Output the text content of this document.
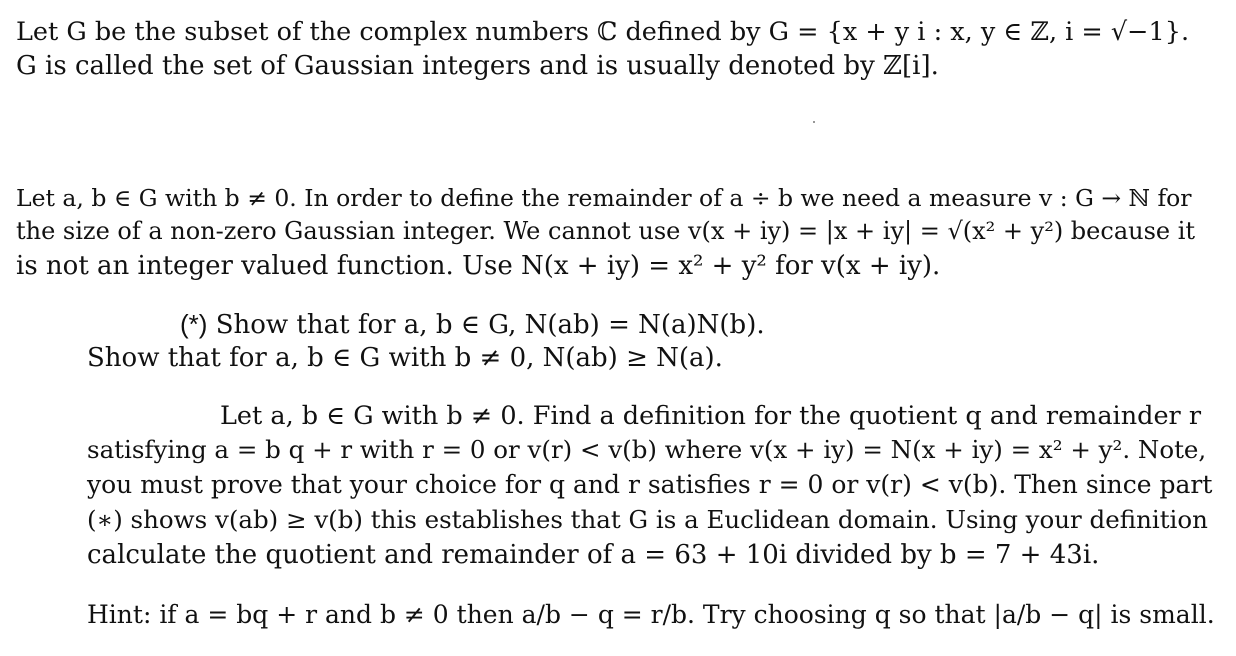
Let G be the subset of the complex numbers ℂ defined by G = {x + y i : x, y ∈ ℤ, i = √−1}.
G is called the set of Gaussian integers and is usually denoted by ℤ[i].
Let a, b ∈ G with b ≠ 0. In order to define the remainder of a ÷ b we need a measure v : G → ℕ for
the size of a non-zero Gaussian integer. We cannot use v(x + iy) = |x + iy| = √(x² + y²) because it
is not an integer valued function. Use N(x + iy) = x² + y² for v(x + iy).
(*) Show that for a, b ∈ G, N(ab) = N(a)N(b).
Show that for a, b ∈ G with b ≠ 0, N(ab) ≥ N(a).
Let a, b ∈ G with b ≠ 0. Find a definition for the quotient q and remainder r
satisfying a = b q + r with r = 0 or v(r) < v(b) where v(x + iy) = N(x + iy) = x² + y². Note,
you must prove that your choice for q and r satisfies r = 0 or v(r) < v(b). Then since part
(∗) shows v(ab) ≥ v(b) this establishes that G is a Euclidean domain. Using your definition
calculate the quotient and remainder of a = 63 + 10i divided by b = 7 + 43i.
Hint: if a = bq + r and b ≠ 0 then a/b − q = r/b. Try choosing q so that |a/b − q| is small.
